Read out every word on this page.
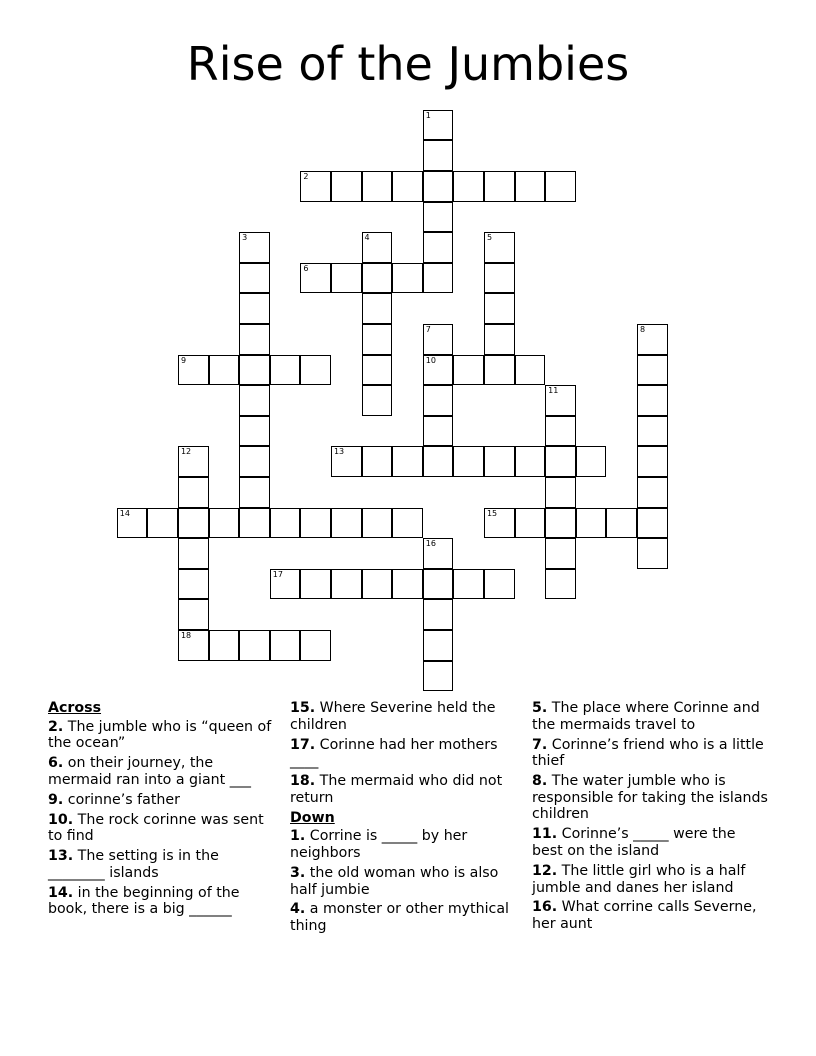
Rise of the Jumbies
1
2
3	4	5
6
7
10
8
9
11
12
18
13
14	15
16
17
Across
2. The jumble who is “queen of the ocean”
6. on their journey, the mermaid ran into a giant ___
9. corinne’s father
10. The rock corinne was sent to find
13. The setting is in the ________ islands
14. in the beginning of the book, there is a big ______
15. Where Severine held the children
17. Corinne had her mothers ____
18. The mermaid who did not return
Down
1. Corrine is _____ by her neighbors
3. the old woman who is also half jumbie
4. a monster or other mythical thing
5. The place where Corinne and the mermaids travel to
7. Corinne’s friend who is a little thief
8. The water jumble who is responsible for taking the islands children
11. Corinne’s _____ were the best on the island
12. The little girl who is a half jumble and danes her island
16. What corrine calls Severne, her aunt
